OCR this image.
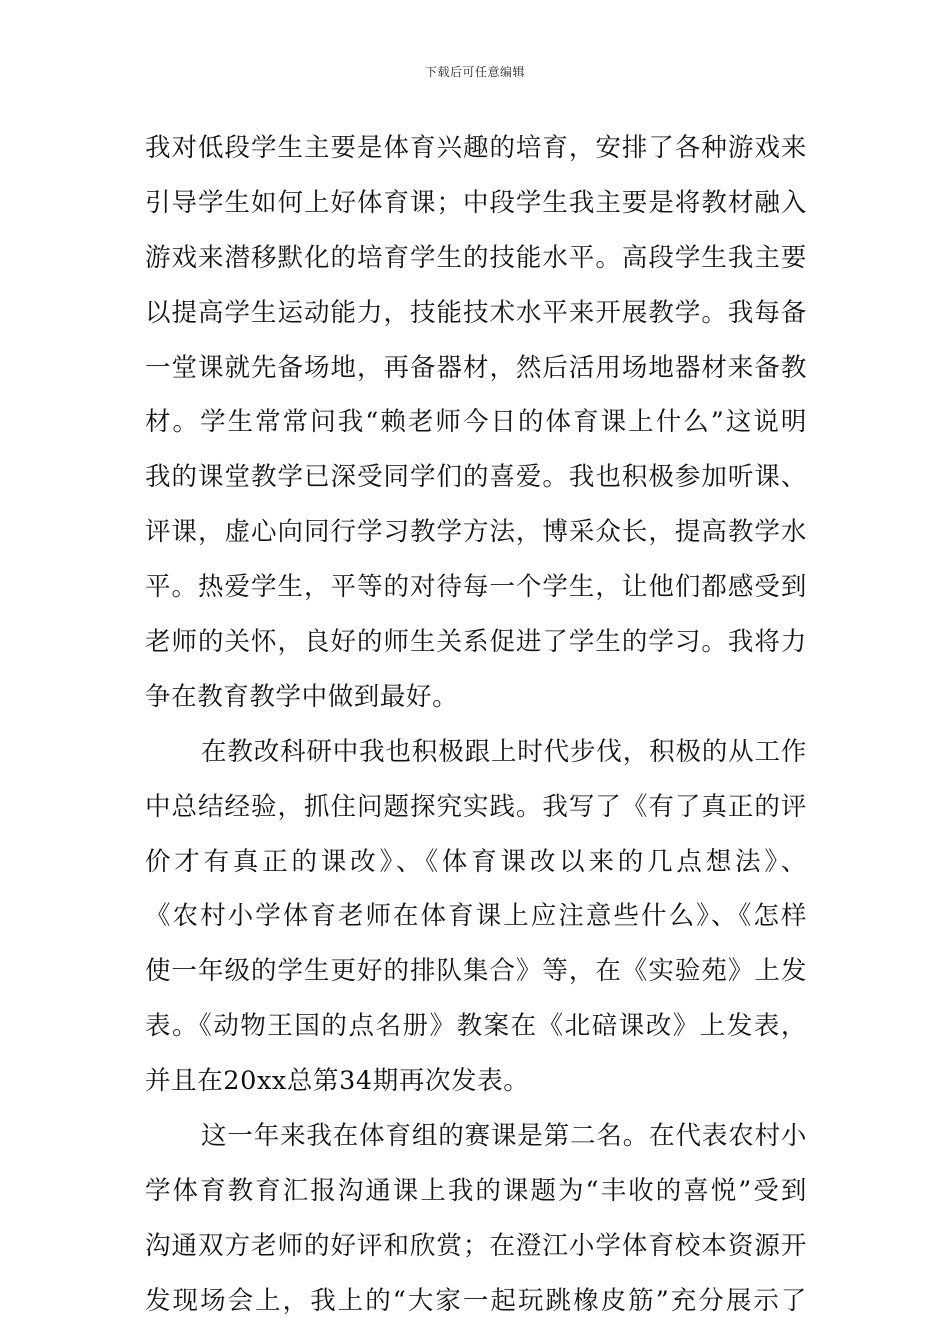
下载后可任意编辑
我对低段学生主要是体育兴趣的培育，安排了各种游戏来
引导学生如何上好体育课；中段学生我主要是将教材融入
游戏来潜移默化的培育学生的技能水平。高段学生我主要
以提高学生运动能力，技能技术水平来开展教学。我每备
一堂课就先备场地，再备器材，然后活用场地器材来备教
材。学生常常问我“赖老师今日的体育课上什么”这说明
我的课堂教学已深受同学们的喜爱。我也积极参加听课、
评课，虚心向同行学习教学方法，博采众长，提高教学水
平。热爱学生，平等的对待每一个学生，让他们都感受到
老师的关怀，良好的师生关系促进了学生的学习。我将力
争在教育教学中做到最好。
在教改科研中我也积极跟上时代步伐，积极的从工作
中总结经验，抓住问题探究实践。我写了《有了真正的评
价才有真正的课改》、《体育课改以来的几点想法》、
《农村小学体育老师在体育课上应注意些什么》、《怎样
使一年级的学生更好的排队集合》等，在《实验苑》上发
表。《动物王国的点名册》教案在《北碚课改》上发表，
并且在20xx总第34期再次发表。
这一年来我在体育组的赛课是第二名。在代表农村小
学体育教育汇报沟通课上我的课题为“丰收的喜悦”受到
沟通双方老师的好评和欣赏；在澄江小学体育校本资源开
发现场会上，我上的“大家一起玩跳橡皮筋”充分展示了
